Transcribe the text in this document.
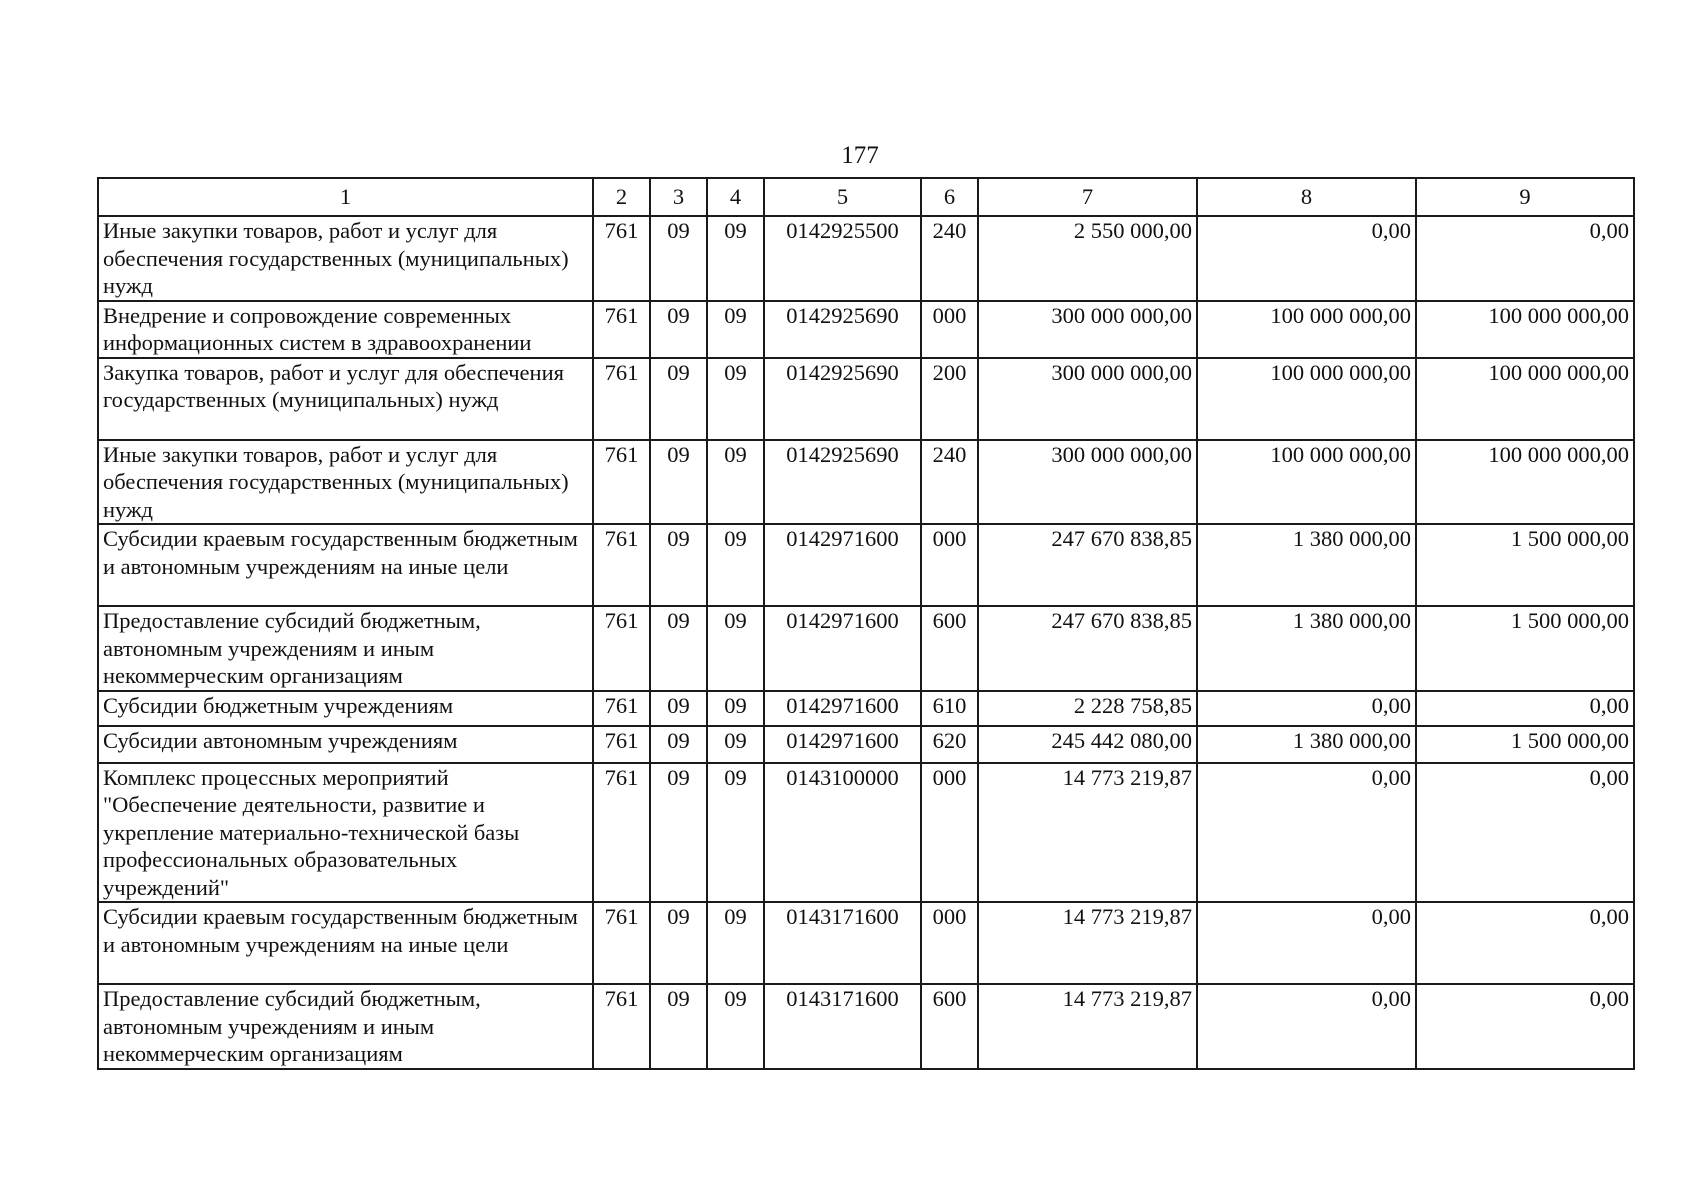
177
1	2	3	4	5	6	7	8	9
Иные закупки товаров, работ и услуг для обеспечения государственных (муниципальных) нужд	761	09	09	0142925500	240	2 550 000,00	0,00	0,00
Внедрение и сопровождение современных информационных систем в здравоохранении	761	09	09	0142925690	000	300 000 000,00	100 000 000,00	100 000 000,00
Закупка товаров, работ и услуг для обеспечения государственных (муниципальных) нужд	761	09	09	0142925690	200	300 000 000,00	100 000 000,00	100 000 000,00
Иные закупки товаров, работ и услуг для обеспечения государственных (муниципальных) нужд	761	09	09	0142925690	240	300 000 000,00	100 000 000,00	100 000 000,00
Субсидии краевым государственным бюджетным и автономным учреждениям на иные цели	761	09	09	0142971600	000	247 670 838,85	1 380 000,00	1 500 000,00
Предоставление субсидий бюджетным, автономным учреждениям и иным некоммерческим организациям	761	09	09	0142971600	600	247 670 838,85	1 380 000,00	1 500 000,00
Субсидии бюджетным учреждениям	761	09	09	0142971600	610	2 228 758,85	0,00	0,00
Субсидии автономным учреждениям	761	09	09	0142971600	620	245 442 080,00	1 380 000,00	1 500 000,00
Комплекс процессных мероприятий "Обеспечение деятельности, развитие и укрепление материально-технической базы профессиональных образовательных учреждений"	761	09	09	0143100000	000	14 773 219,87	0,00	0,00
Субсидии краевым государственным бюджетным и автономным учреждениям на иные цели	761	09	09	0143171600	000	14 773 219,87	0,00	0,00
Предоставление субсидий бюджетным, автономным учреждениям и иным некоммерческим организациям	761	09	09	0143171600	600	14 773 219,87	0,00	0,00
